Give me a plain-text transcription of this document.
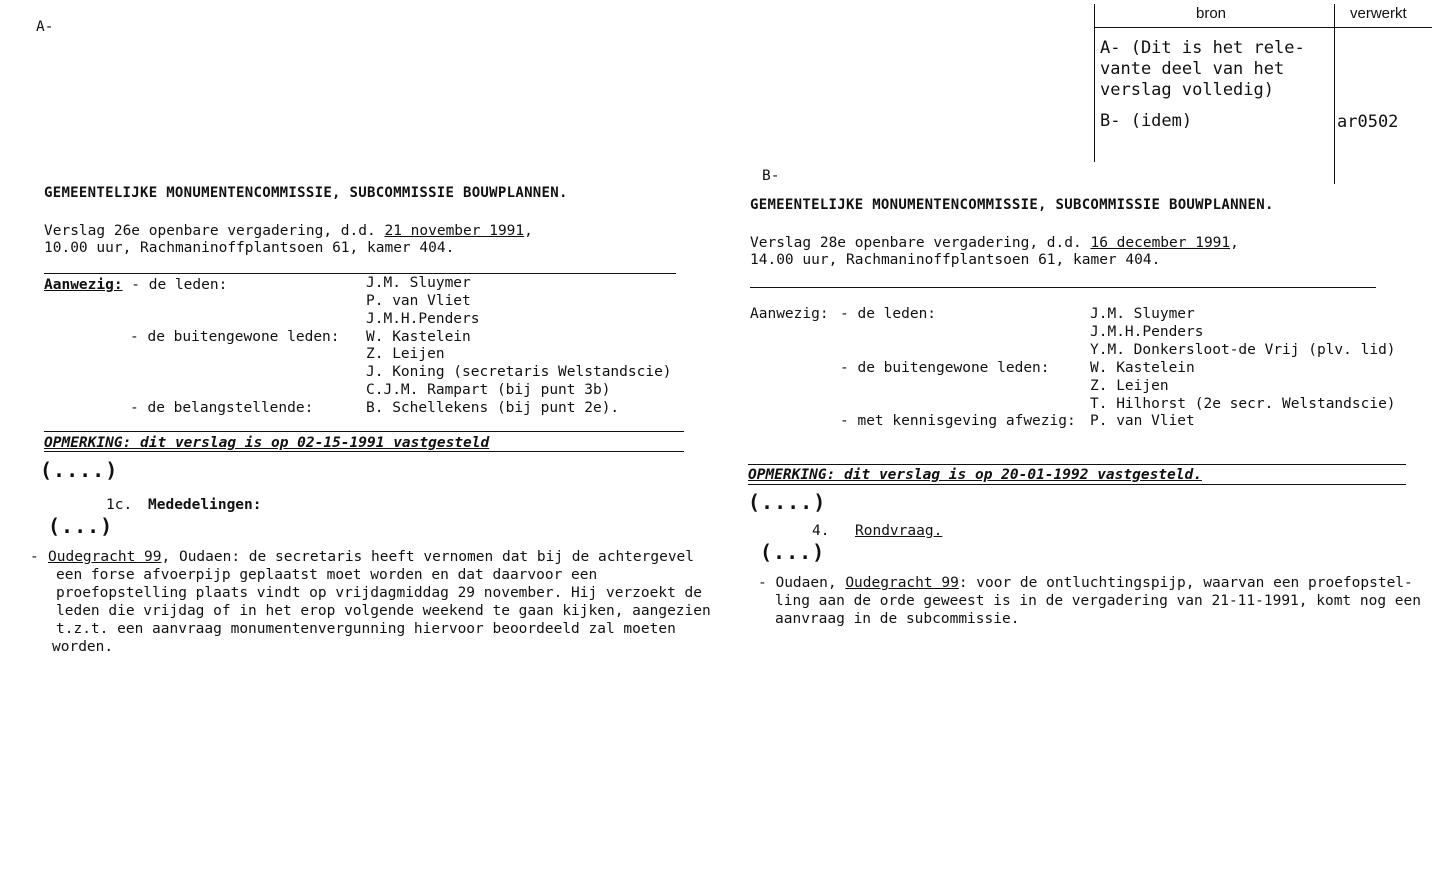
A-
bron	verwerkt
A- (Dit is het rele-
vante deel van het
verslag volledig)
B- (idem)	ar0502
GEMEENTELIJKE MONUMENTENCOMMISSIE, SUBCOMMISSIE BOUWPLANNEN.
Verslag 26e openbare vergadering, d.d. 21 november 1991,
10.00 uur, Rachmaninoffplantsoen 61, kamer 404.
Aanwezig: - de leden:
- de buitengewone leden:
- de belangstellende:
J.M. Sluymer
P. van Vliet
J.M.H.Penders
W. Kastelein
Z. Leijen
J. Koning (secretaris Welstandscie)
C.J.M. Rampart (bij punt 3b)
B. Schellekens (bij punt 2e).
OPMERKING: dit verslag is op 02-15-1991 vastgesteld
(....)
1c. Mededelingen:
(...)
- Oudegracht 99, Oudaen: de secretaris heeft vernomen dat bij de achtergevel
een forse afvoerpijp geplaatst moet worden en dat daarvoor een
proefopstelling plaats vindt op vrijdagmiddag 29 november. Hij verzoekt de
leden die vrijdag of in het erop volgende weekend te gaan kijken, aangezien
t.z.t. een aanvraag monumentenvergunning hiervoor beoordeeld zal moeten
worden.
B-
GEMEENTELIJKE MONUMENTENCOMMISSIE, SUBCOMMISSIE BOUWPLANNEN.
Verslag 28e openbare vergadering, d.d. 16 december 1991,
14.00 uur, Rachmaninoffplantsoen 61, kamer 404.
Aanwezig: - de leden:
- de buitengewone leden:
- met kennisgeving afwezig:
J.M. Sluymer
J.M.H.Penders
Y.M. Donkersloot-de Vrij (plv. lid)
W. Kastelein
Z. Leijen
T. Hilhorst (2e secr. Welstandscie)
P. van Vliet
OPMERKING: dit verslag is op 20-01-1992 vastgesteld.
(....)
4. Rondvraag.
(...)
- Oudaen, Oudegracht 99: voor de ontluchtingspijp, waarvan een proefopstel-
ling aan de orde geweest is in de vergadering van 21-11-1991, komt nog een
aanvraag in de subcommissie.
